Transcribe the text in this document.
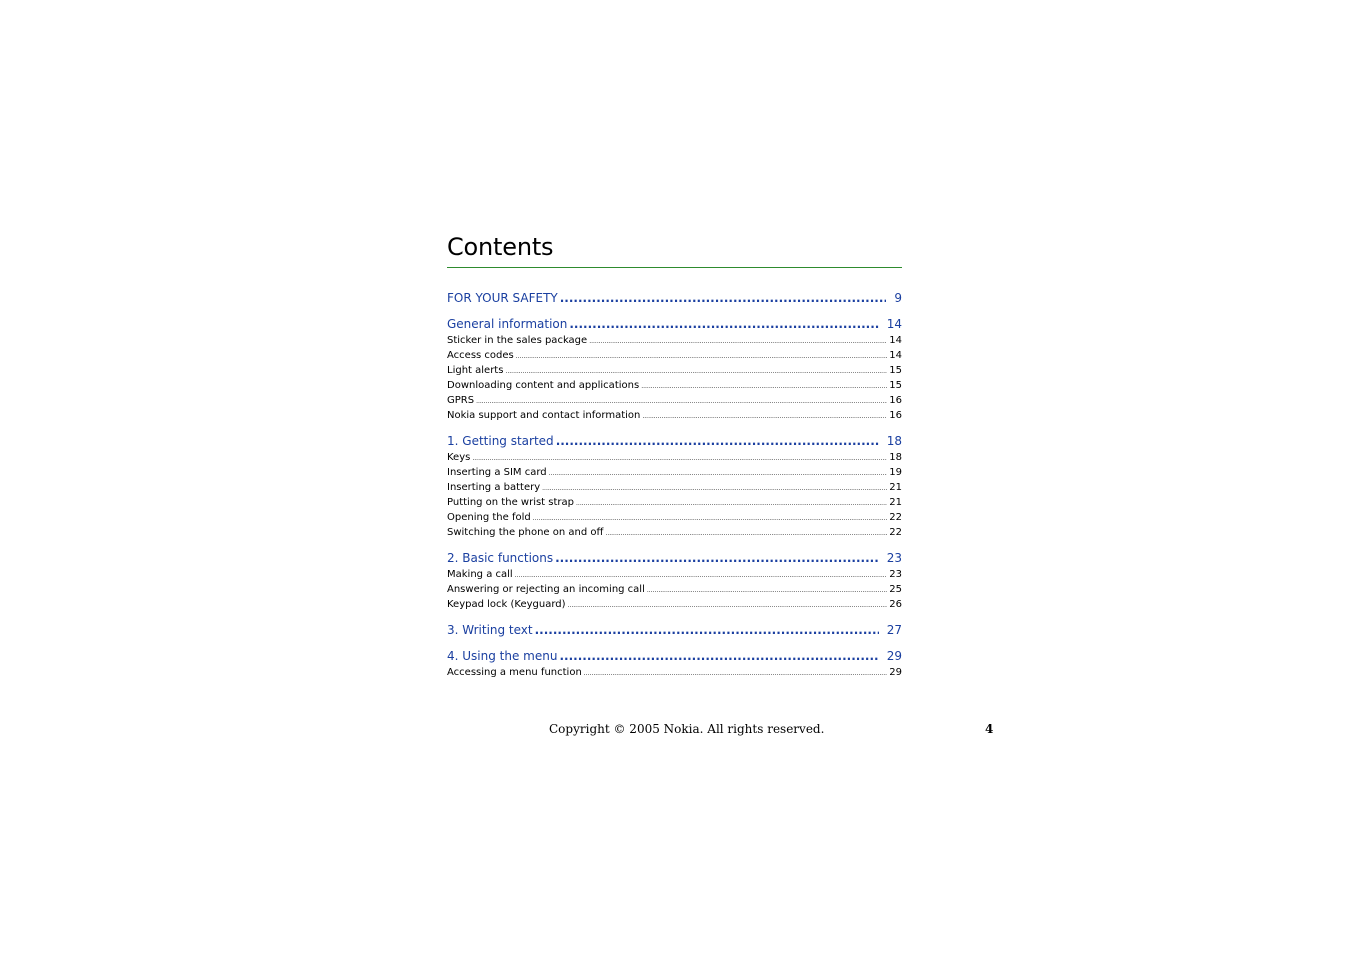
Contents
FOR YOUR SAFETY .....	9
General information .....	14
Sticker in the sales package .....	14
Access codes .....	14
Light alerts .....	15
Downloading content and applications .....	15
GPRS .....	16
Nokia support and contact information .....	16
1. Getting started .....	18
Keys .....	18
Inserting a SIM card .....	19
Inserting a battery .....	21
Putting on the wrist strap .....	21
Opening the fold .....	22
Switching the phone on and off .....	22
2. Basic functions .....	23
Making a call .....	23
Answering or rejecting an incoming call .....	25
Keypad lock (Keyguard) .....	26
3. Writing text .....	27
4. Using the menu .....	29
Accessing a menu function .....	29
Copyright © 2005 Nokia. All rights reserved.	4
